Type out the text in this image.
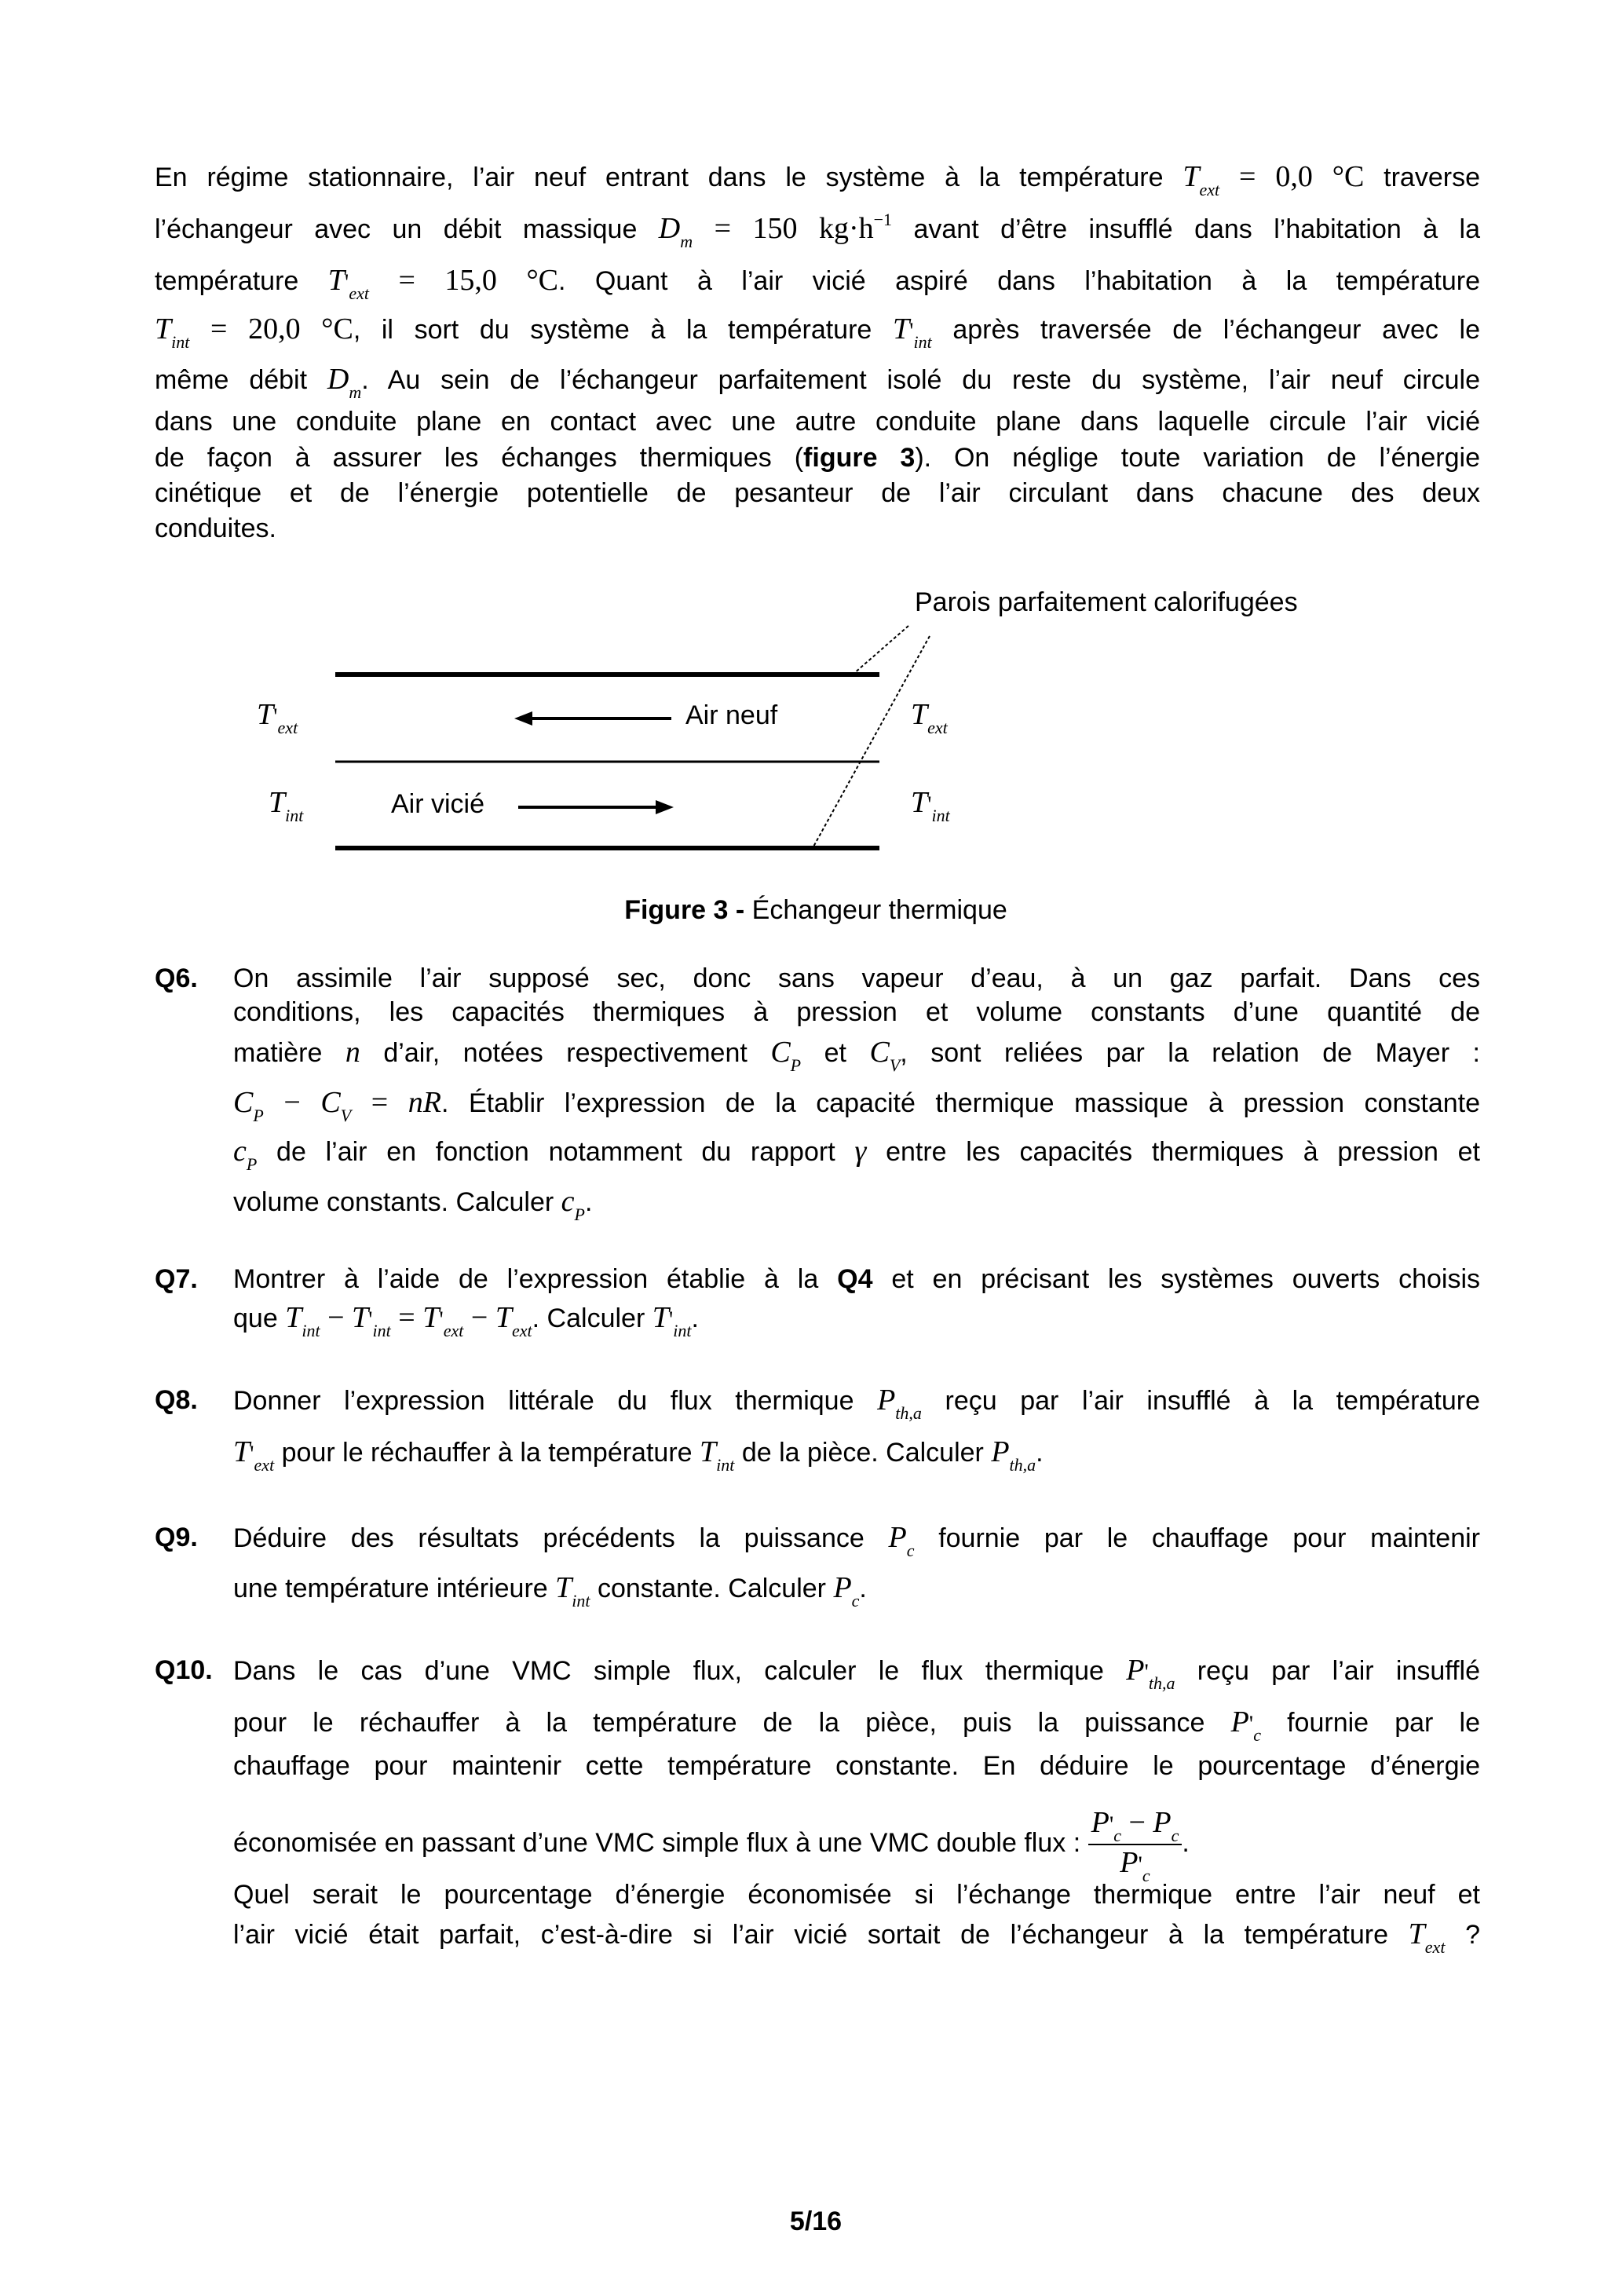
En régime stationnaire, l’air neuf entrant dans le système à la température $T_{ext} = 0,0$ °C traverse
l’échangeur avec un débit massique $D_m = 150$ $kg\cdot h^{-1}$ avant d’être insufflé dans l’habitation à la
température $T'_{ext} = 15,0$ °C. Quant à l’air vicié aspiré dans l’habitation à la température
$T_{int} = 20,0$ °C, il sort du système à la température $T'_{int}$ après traversée de l’échangeur avec le
même débit $D_m$. Au sein de l’échangeur parfaitement isolé du reste du système, l’air neuf circule
dans une conduite plane en contact avec une autre conduite plane dans laquelle circule l’air vicié
de façon à assurer les échanges thermiques (figure 3). On néglige toute variation de l’énergie
cinétique et de l’énergie potentielle de pesanteur de l’air circulant dans chacune des deux
conduites.
Parois parfaitement calorifugées
Air neuf
Air vicié
$T'_{ext}$
$T_{int}$
$T_{ext}$
$T'_{int}$
Figure 3 - Échangeur thermique
Q6. On assimile l’air supposé sec, donc sans vapeur d’eau, à un gaz parfait. Dans ces
conditions, les capacités thermiques à pression et volume constants d’une quantité de
matière n d’air, notées respectivement $C_P$ et $C_V$, sont reliées par la relation de Mayer :
$C_P - C_V$ = nR. Établir l’expression de la capacité thermique massique à pression constante
$c_P$ de l’air en fonction notamment du rapport γ entre les capacités thermiques à pression et
volume constants. Calculer $c_P$.
Q7. Montrer à l’aide de l’expression établie à la Q4 et en précisant les systèmes ouverts choisis
que $T_{int} - T'_{int} = T'_{ext} - T_{ext}$. Calculer $T'_{int}$.
Q8. Donner l’expression littérale du flux thermique $P_{th,a}$ reçu par l’air insufflé à la température
$T'_{ext}$ pour le réchauffer à la température $T_{int}$ de la pièce. Calculer $P_{th,a}$.
Q9. Déduire des résultats précédents la puissance $P_c$ fournie par le chauffage pour maintenir
une température intérieure $T_{int}$ constante. Calculer $P_c$.
Q10. Dans le cas d’une VMC simple flux, calculer le flux thermique $P'_{th,a}$ reçu par l’air insufflé
pour le réchauffer à la température de la pièce, puis la puissance $P'_c$ fournie par le
chauffage pour maintenir cette température constante. En déduire le pourcentage d’énergie
économisée en passant d’une VMC simple flux à une VMC double flux : $\frac{P'_c - P_c}{P'_c}$ .
Quel serait le pourcentage d’énergie économisée si l’échange thermique entre l’air neuf et
l’air vicié était parfait, c’est-à-dire si l’air vicié sortait de l’échangeur à la température $T_{ext}$ ?
5/16
